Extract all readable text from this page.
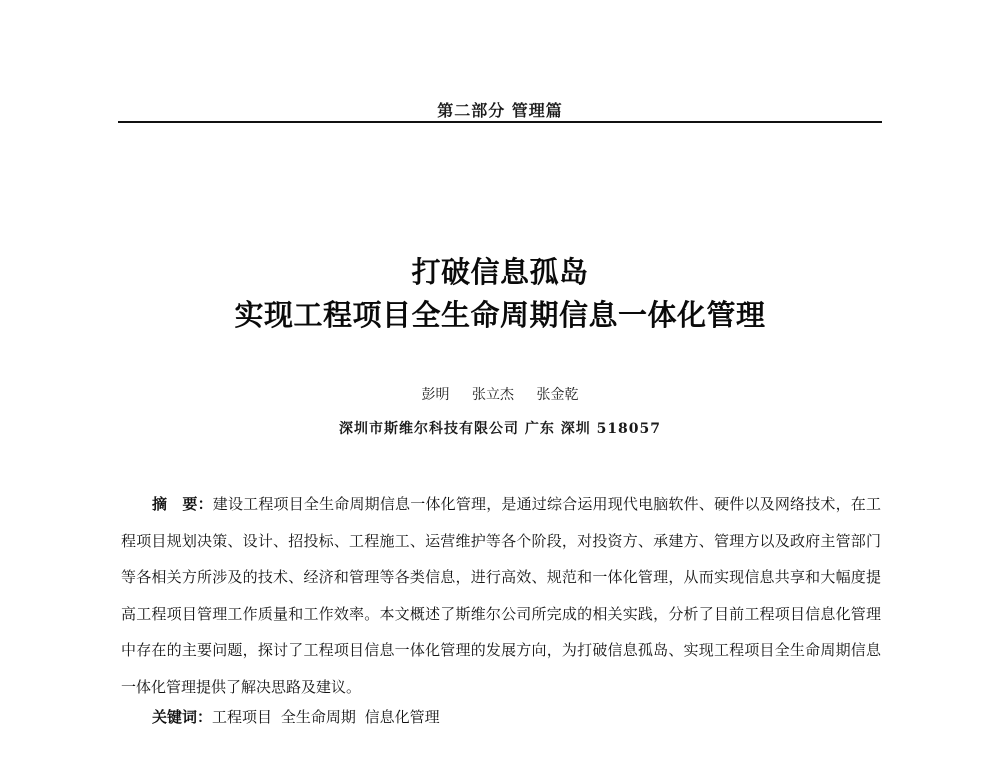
第二部分 管理篇
打破信息孤岛
实现工程项目全生命周期信息一体化管理
彭明 张立杰 张金乾
深圳市斯维尔科技有限公司 广东 深圳 518057

摘　要：建设工程项目全生命周期信息一体化管理，是通过综合运用现代电脑软件、硬件以及网络技术，在工程项目规划决策、设计、招投标、工程施工、运营维护等各个阶段，对投资方、承建方、管理方以及政府主管部门等各相关方所涉及的技术、经济和管理等各类信息，进行高效、规范和一体化管理，从而实现信息共享和大幅度提高工程项目管理工作质量和工作效率。本文概述了斯维尔公司所完成的相关实践，分析了目前工程项目信息化管理中存在的主要问题，探讨了工程项目信息一体化管理的发展方向，为打破信息孤岛、实现工程项目全生命周期信息一体化管理提供了解决思路及建议。

关键词：工程项目 全生命周期 信息化管理
